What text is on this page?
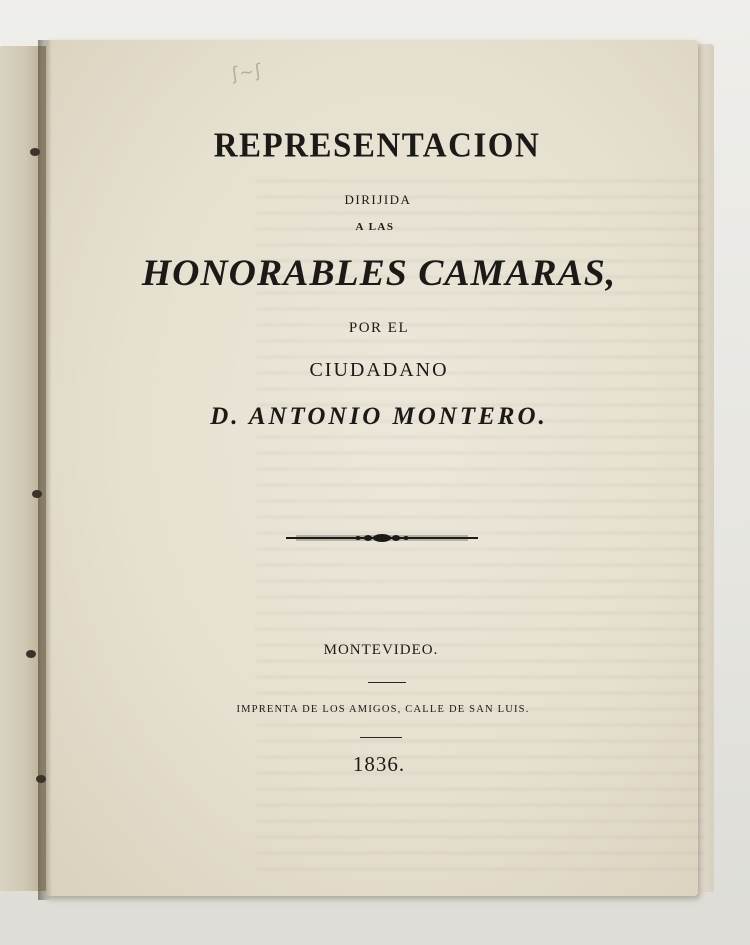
ʃ~ʃ
REPRESENTACION
DIRIJIDA
A LAS
HONORABLES CAMARAS,
POR EL
CIUDADANO
D. ANTONIO MONTERO.
MONTEVIDEO.
IMPRENTA DE LOS AMIGOS, CALLE DE SAN LUIS.
1836.
